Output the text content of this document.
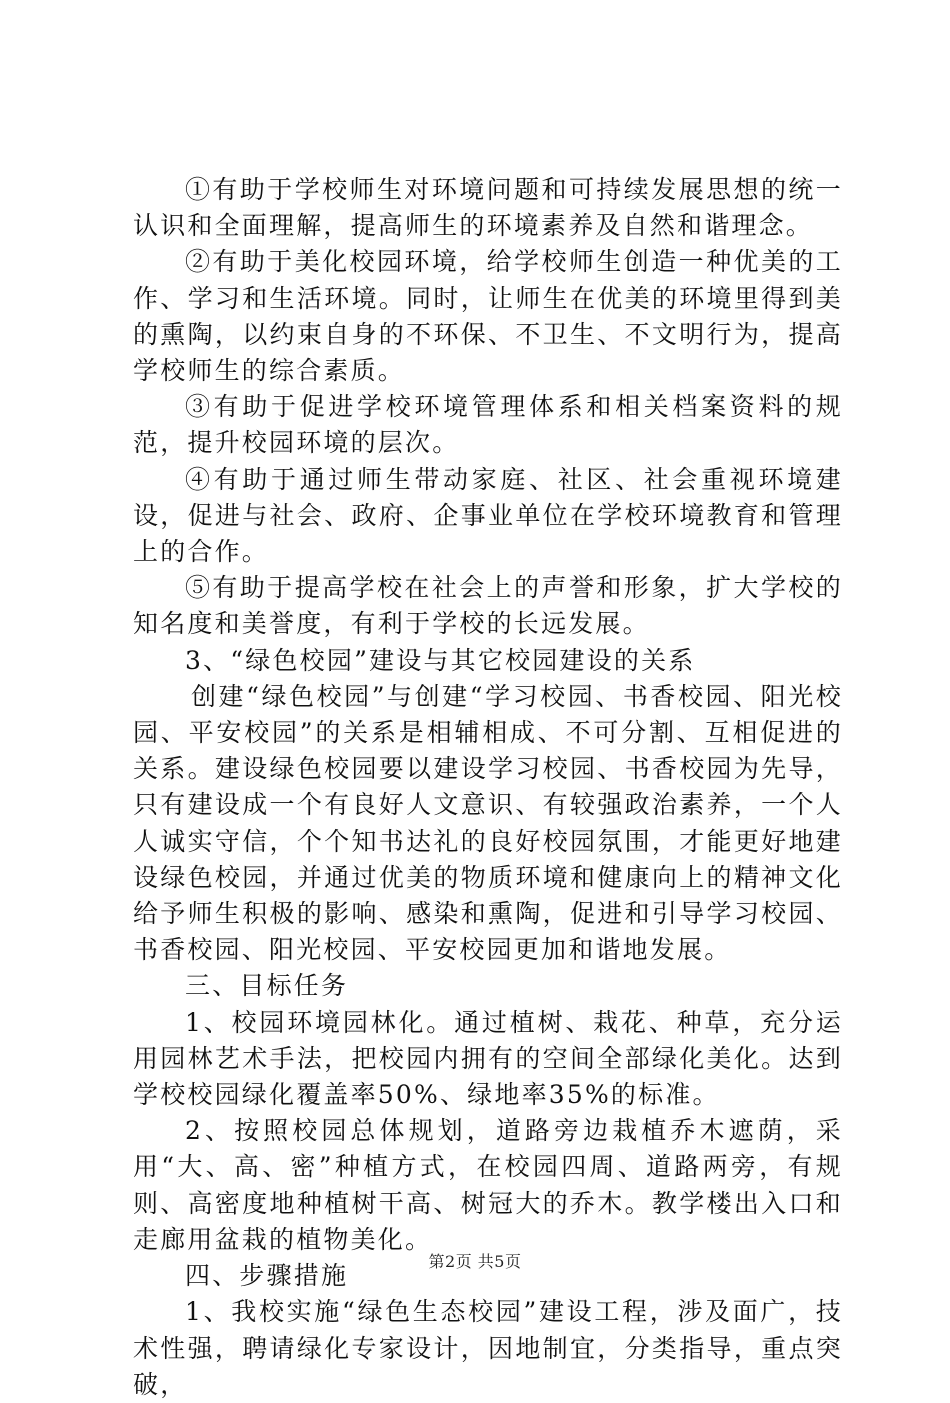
①有助于学校师生对环境问题和可持续发展思想的统一认识和全面理解，提高师生的环境素养及自然和谐理念。

②有助于美化校园环境，给学校师生创造一种优美的工作、学习和生活环境。同时，让师生在优美的环境里得到美的熏陶，以约束自身的不环保、不卫生、不文明行为，提高学校师生的综合素质。

③有助于促进学校环境管理体系和相关档案资料的规范，提升校园环境的层次。

④有助于通过师生带动家庭、社区、社会重视环境建设，促进与社会、政府、企事业单位在学校环境教育和管理上的合作。

⑤有助于提高学校在社会上的声誉和形象，扩大学校的知名度和美誉度，有利于学校的长远发展。

3、“绿色校园”建设与其它校园建设的关系

创建“绿色校园”与创建“学习校园、书香校园、阳光校园、平安校园”的关系是相辅相成、不可分割、互相促进的关系。建设绿色校园要以建设学习校园、书香校园为先导，只有建设成一个有良好人文意识、有较强政治素养，一个人人诚实守信，个个知书达礼的良好校园氛围，才能更好地建设绿色校园，并通过优美的物质环境和健康向上的精神文化给予师生积极的影响、感染和熏陶，促进和引导学习校园、书香校园、阳光校园、平安校园更加和谐地发展。

三、目标任务

1、校园环境园林化。通过植树、栽花、种草，充分运用园林艺术手法，把校园内拥有的空间全部绿化美化。达到学校校园绿化覆盖率50%、绿地率35%的标准。

2、按照校园总体规划，道路旁边栽植乔木遮荫，采用“大、高、密”种植方式，在校园四周、道路两旁，有规则、高密度地种植树干高、树冠大的乔木。教学楼出入口和走廊用盆栽的植物美化。

四、步骤措施

1、我校实施“绿色生态校园”建设工程，涉及面广，技术性强，聘请绿化专家设计，因地制宜，分类指导，重点突破，

第2页 共5页
